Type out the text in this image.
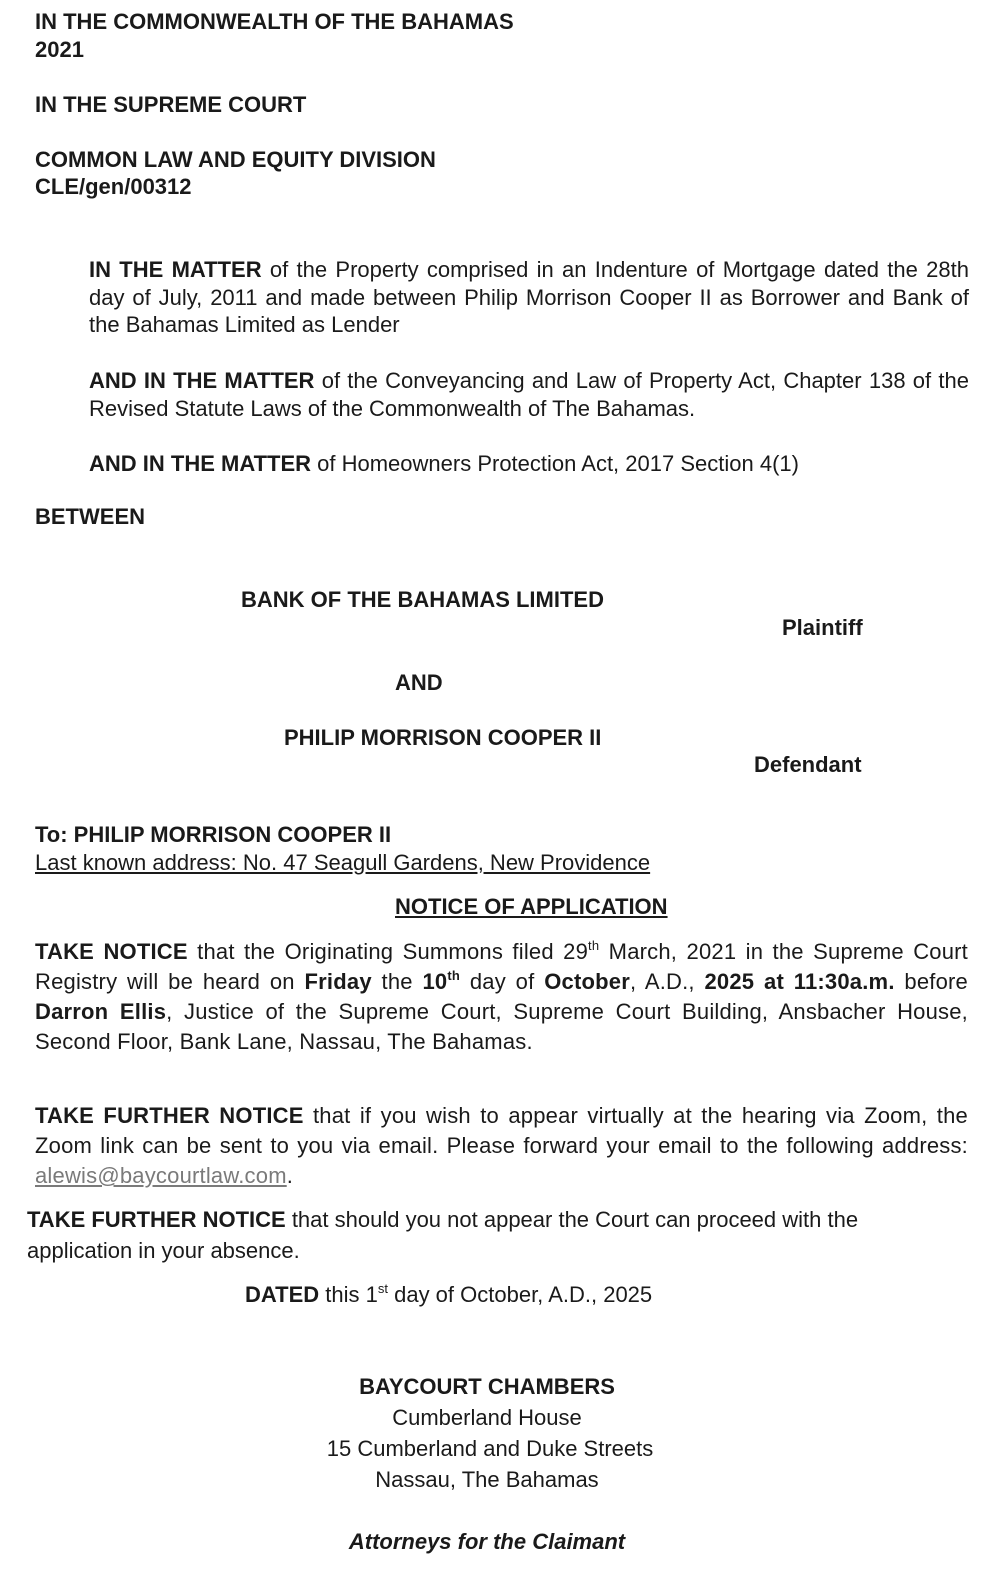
IN THE COMMONWEALTH OF THE BAHAMAS
2021
IN THE SUPREME COURT
COMMON LAW AND EQUITY DIVISION
CLE/gen/00312
IN THE MATTER of the Property comprised in an Indenture of Mortgage dated the 28th day of July, 2011 and made between Philip Morrison Cooper II as Borrower and Bank of the Bahamas Limited as Lender
AND IN THE MATTER of the Conveyancing and Law of Property Act, Chapter 138 of the Revised Statute Laws of the Commonwealth of The Bahamas.
AND IN THE MATTER of Homeowners Protection Act, 2017 Section 4(1)
BETWEEN
BANK OF THE BAHAMAS LIMITED
Plaintiff
AND
PHILIP MORRISON COOPER II
Defendant
To: PHILIP MORRISON COOPER II
Last known address: No. 47 Seagull Gardens, New Providence
NOTICE OF APPLICATION
TAKE NOTICE that the Originating Summons filed 29th March, 2021 in the Supreme Court Registry will be heard on Friday the 10th day of October, A.D., 2025 at 11:30a.m. before Darron Ellis, Justice of the Supreme Court, Supreme Court Building, Ansbacher House, Second Floor, Bank Lane, Nassau, The Bahamas.
TAKE FURTHER NOTICE that if you wish to appear virtually at the hearing via Zoom, the Zoom link can be sent to you via email. Please forward your email to the following address: alewis@baycourtlaw.com.
TAKE FURTHER NOTICE that should you not appear the Court can proceed with the application in your absence.
DATED this 1st day of October, A.D., 2025
BAYCOURT CHAMBERS
Cumberland House
15 Cumberland and Duke Streets
Nassau, The Bahamas
Attorneys for the Claimant
